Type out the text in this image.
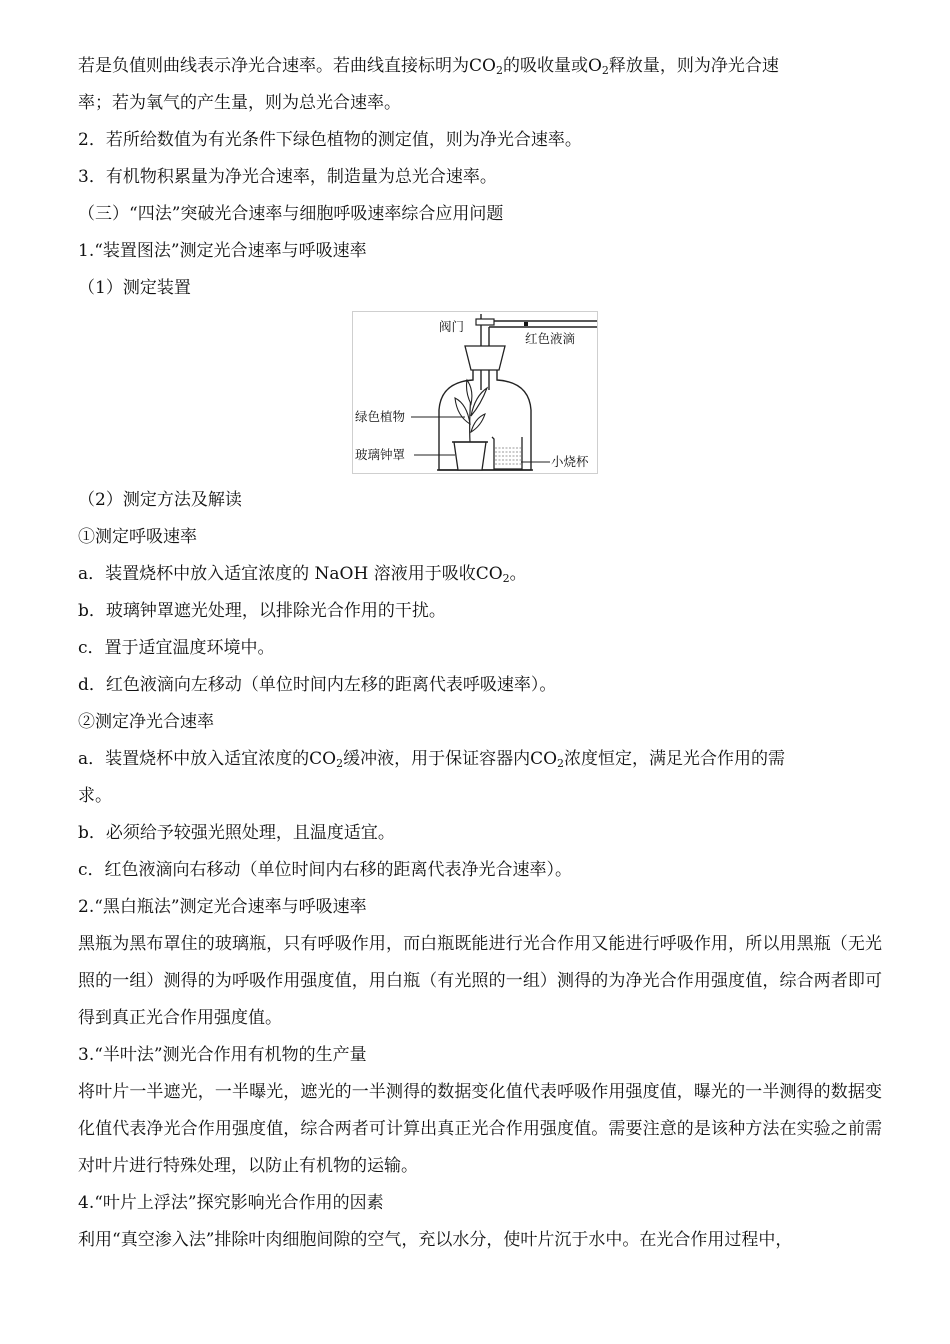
若是负值则曲线表示净光合速率。若曲线直接标明为$CO_2$的吸收量或$O_2$释放量，则为净光合速

率；若为氧气的产生量，则为总光合速率。

2．若所给数值为有光条件下绿色植物的测定值，则为净光合速率。

3．有机物积累量为净光合速率，制造量为总光合速率。

（三）“四法”突破光合速率与细胞呼吸速率综合应用问题

1.“装置图法”测定光合速率与呼吸速率

（1）测定装置

阀门
红色液滴
绿色植物
玻璃钟罩	小烧杯

（2）测定方法及解读

①测定呼吸速率

a．装置烧杯中放入适宜浓度的 NaOH 溶液用于吸收$CO_2$。

b．玻璃钟罩遮光处理，以排除光合作用的干扰。

c．置于适宜温度环境中。

d．红色液滴向左移动（单位时间内左移的距离代表呼吸速率）。

②测定净光合速率

a．装置烧杯中放入适宜浓度的$CO_2$缓冲液，用于保证容器内$CO_2$浓度恒定，满足光合作用的需

求。

b．必须给予较强光照处理，且温度适宜。

c．红色液滴向右移动（单位时间内右移的距离代表净光合速率）。

2.“黑白瓶法”测定光合速率与呼吸速率

黑瓶为黑布罩住的玻璃瓶，只有呼吸作用，而白瓶既能进行光合作用又能进行呼吸作用，所以用黑瓶（无光照的一组）测得的为呼吸作用强度值，用白瓶（有光照的一组）测得的为净光合作用强度值，综合两者即可得到真正光合作用强度值。

3.“半叶法”测光合作用有机物的生产量

将叶片一半遮光，一半曝光，遮光的一半测得的数据变化值代表呼吸作用强度值，曝光的一半测得的数据变化值代表净光合作用强度值，综合两者可计算出真正光合作用强度值。需要注意的是该种方法在实验之前需对叶片进行特殊处理，以防止有机物的运输。

4.“叶片上浮法”探究影响光合作用的因素

利用“真空渗入法”排除叶肉细胞间隙的空气，充以水分，使叶片沉于水中。在光合作用过程中，
